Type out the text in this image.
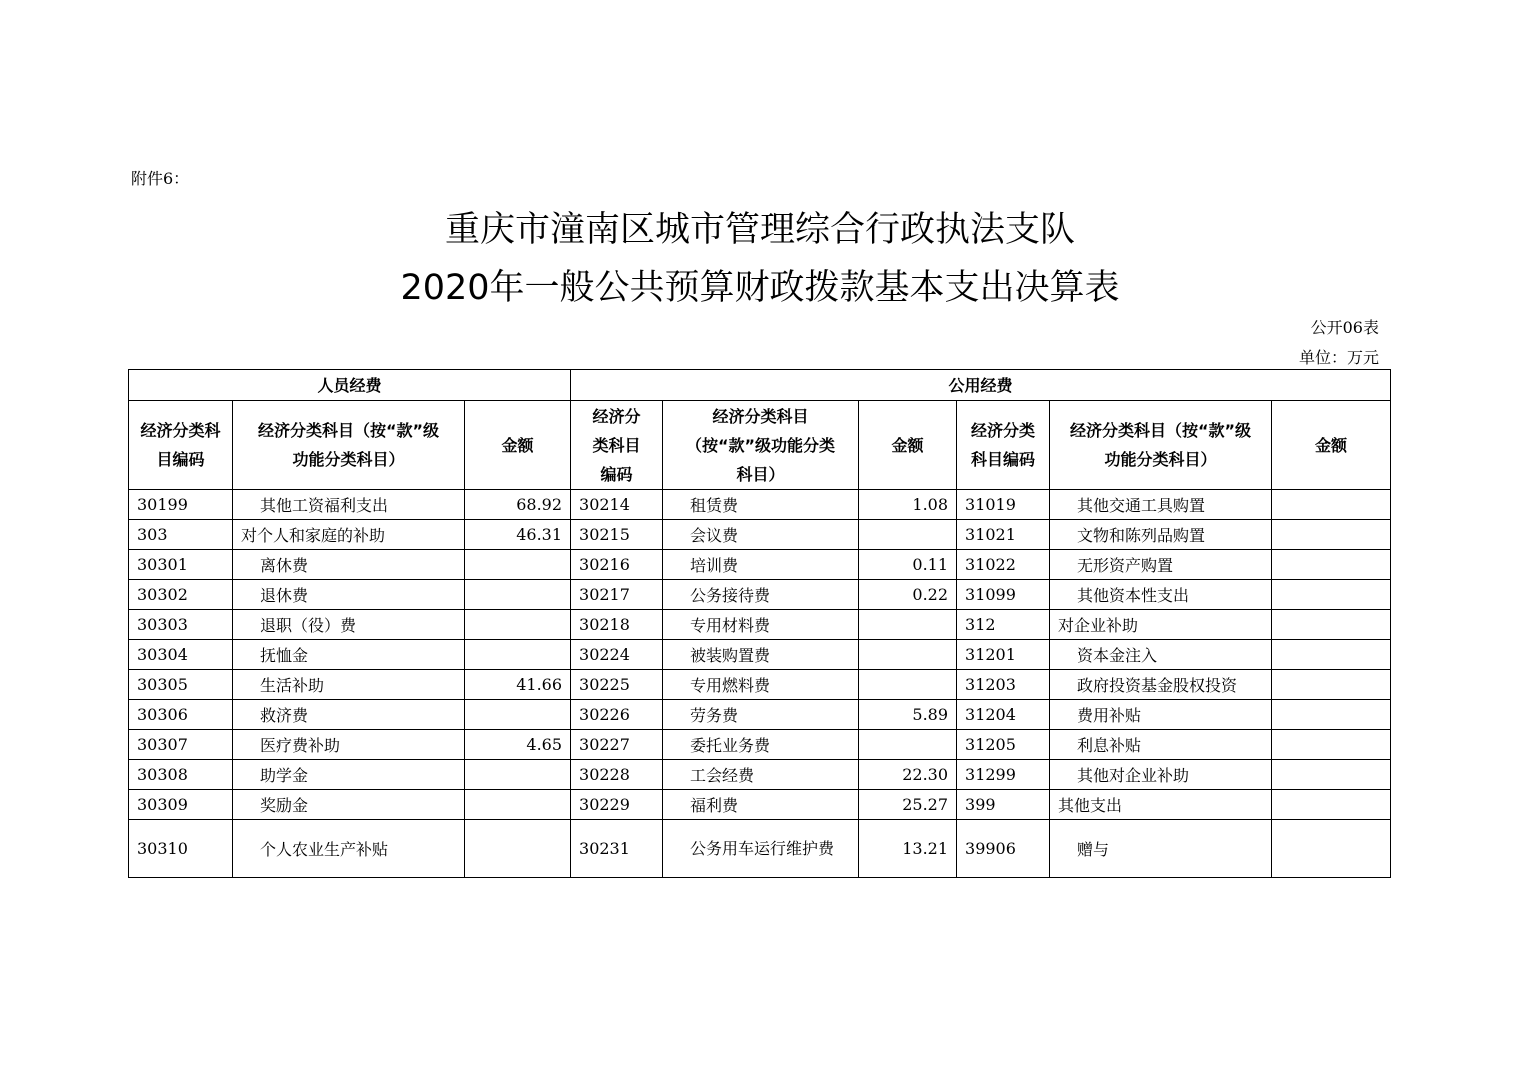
附件6：
重庆市潼南区城市管理综合行政执法支队
2020年一般公共预算财政拨款基本支出决算表
公开06表
单位：万元
人员经费			公用经费					
经济分类科目编码	经济分类科目（按“款”级功能分类科目）	金额	经济分类科目编码	经济分类科目（按“款”级功能分类科目）	金额	经济分类科目编码	经济分类科目（按“款”级功能分类科目）	金额
30199	其他工资福利支出	68.92	30214	租赁费	1.08	31019	其他交通工具购置	
303	对个人和家庭的补助	46.31	30215	会议费		31021	文物和陈列品购置	
30301	离休费		30216	培训费	0.11	31022	无形资产购置	
30302	退休费		30217	公务接待费	0.22	31099	其他资本性支出	
30303	退职（役）费		30218	专用材料费		312	对企业补助	
30304	抚恤金		30224	被装购置费		31201	资本金注入	
30305	生活补助	41.66	30225	专用燃料费		31203	政府投资基金股权投资	
30306	救济费		30226	劳务费	5.89	31204	费用补贴	
30307	医疗费补助	4.65	30227	委托业务费		31205	利息补贴	
30308	助学金		30228	工会经费	22.30	31299	其他对企业补助	
30309	奖励金		30229	福利费	25.27	399	其他支出	
30310	个人农业生产补贴		30231	公务用车运行维护费	13.21	39906	赠与	
